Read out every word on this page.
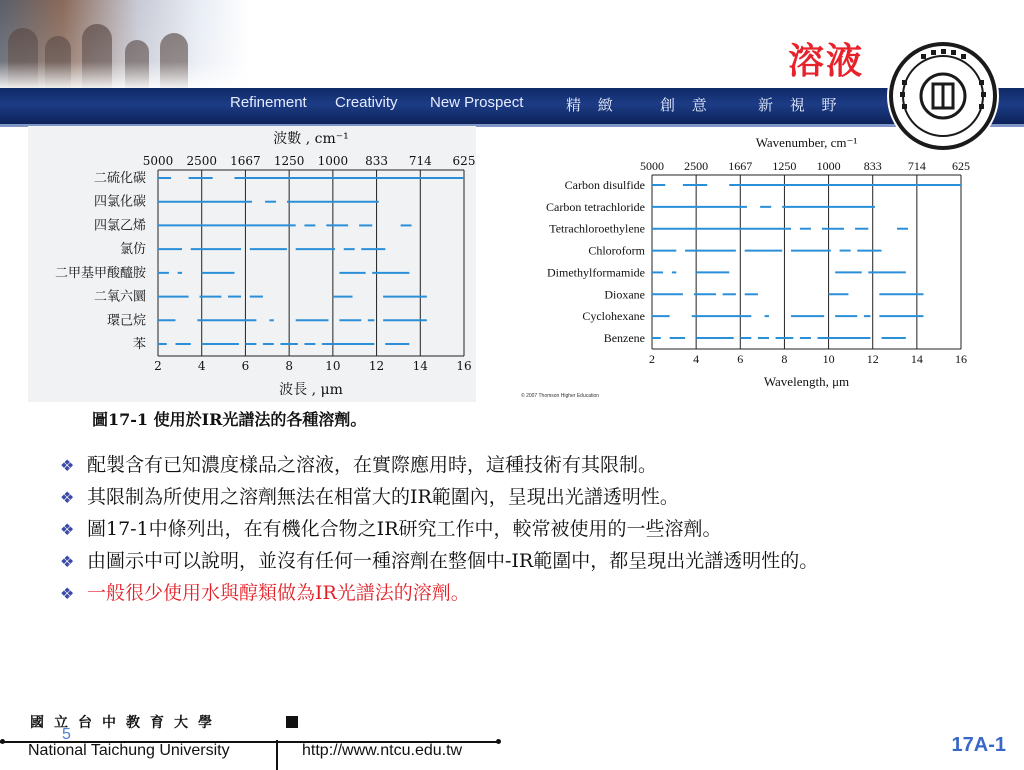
溶液
Refinement Creativity New Prospect	精 緻	創 意	新 視 野
波數 , cm⁻¹
2
5000
4
2500
6
1667
8
1250
10
1000
12
833
14
714
16
625
二硫化碳
四氯化碳
四氯乙烯
氯仿
二甲基甲酸醯胺
二氧六圜
環己烷
苯
波長 , μm
Wavenumber, cm⁻¹
2
5000
4
2500
6
1667
8
1250
10
1000
12
833
14
714
16
625
Carbon disulfide
Carbon tetrachloride
Tetrachloroethylene
Chloroform
Dimethylformamide
Dioxane
Cyclohexane
Benzene
Wavelength, μm
© 2007 Thomson Higher Education
圖17-1 使用於IR光譜法的各種溶劑。
❖ 配製含有已知濃度樣品之溶液，在實際應用時，這種技術有其限制。
❖ 其限制為所使用之溶劑無法在相當大的IR範圍內，呈現出光譜透明性。
❖ 圖17-1中條列出，在有機化合物之IR研究工作中，較常被使用的一些溶劑。
❖ 由圖示中可以說明，並沒有任何一種溶劑在整個中-IR範圍中，都呈現出光譜透明性的。
❖ 一般很少使用水與醇類做為IR光譜法的溶劑。
國立台中教育大學
5
National Taichung University	http://www.ntcu.edu.tw	17A-1
